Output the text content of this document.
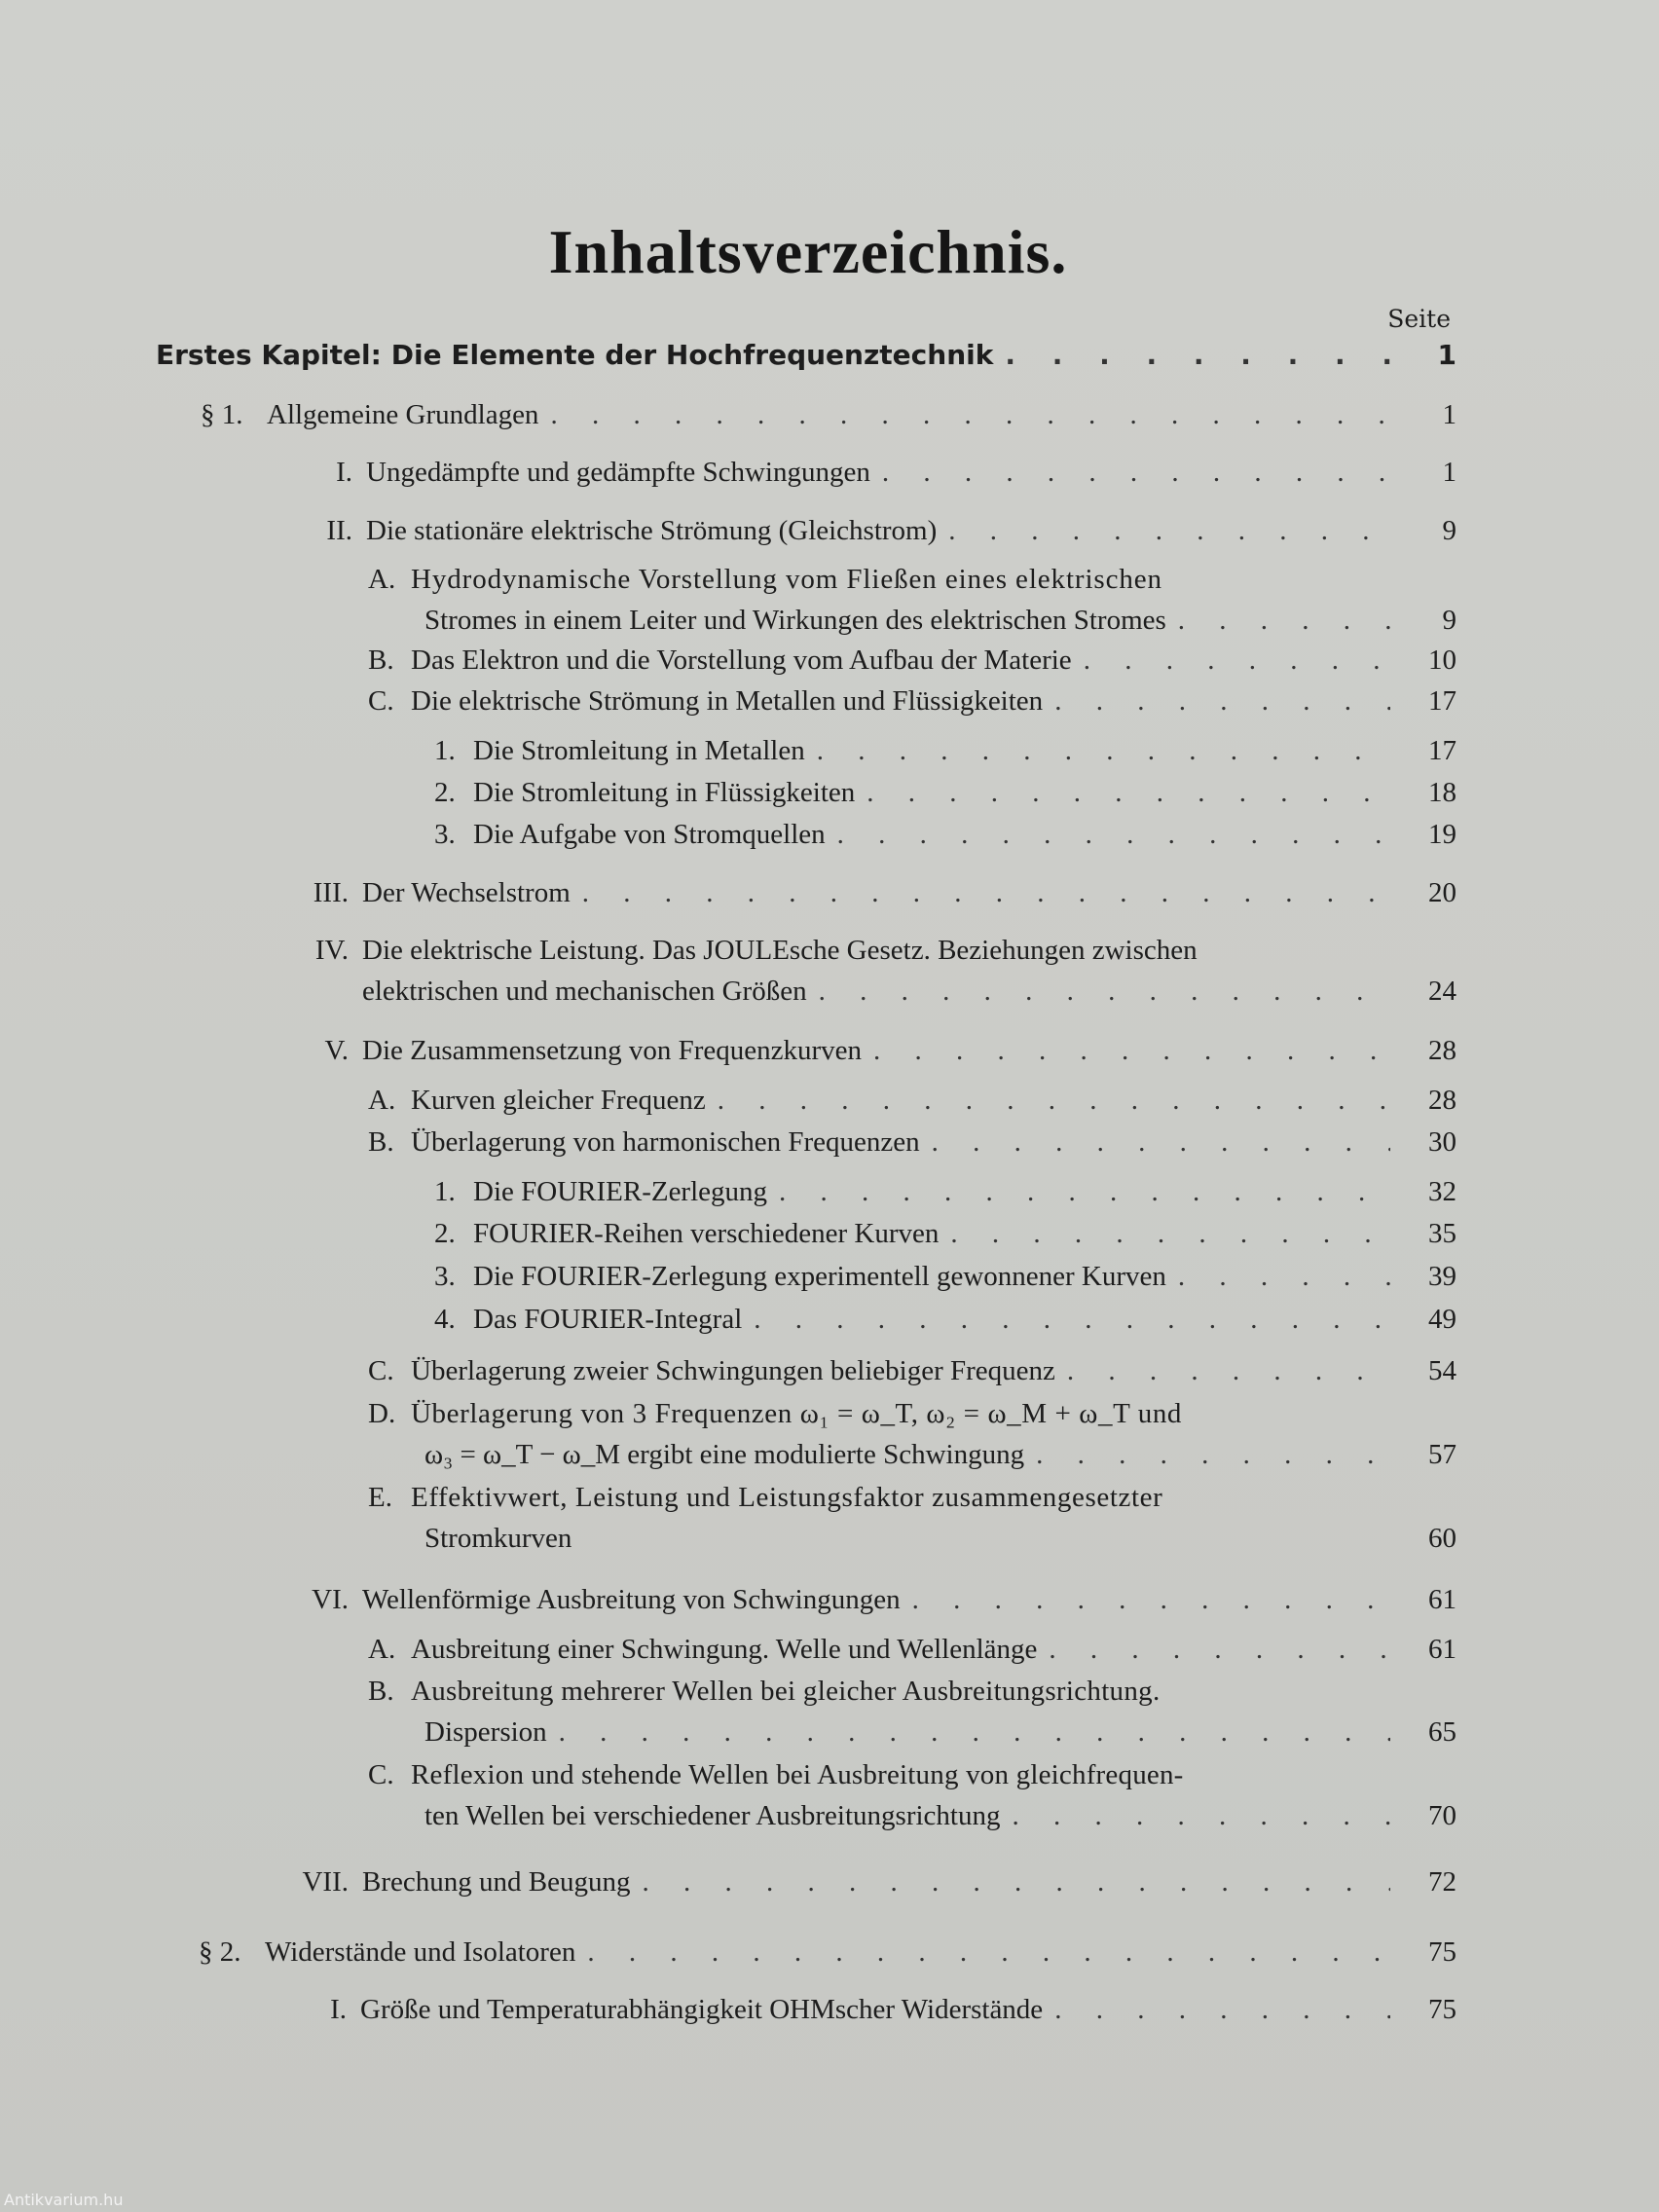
Inhaltsverzeichnis.
Seite
Erstes Kapitel: Die Elemente der Hochfrequenztechnik . . .	1
§ 1. Allgemeine Grundlagen . . .	1
I. Ungedämpfte und gedämpfte Schwingungen . . .	1
II. Die stationäre elektrische Strömung (Gleichstrom) . . .	9
A. Hydrodynamische Vorstellung vom Fließen eines elektrischen
Stromes in einem Leiter und Wirkungen des elektrischen Stromes . . .	9
B. Das Elektron und die Vorstellung vom Aufbau der Materie . . .	10
C. Die elektrische Strömung in Metallen und Flüssigkeiten . . .	17
1. Die Stromleitung in Metallen . . .	17
2. Die Stromleitung in Flüssigkeiten . . .	18
3. Die Aufgabe von Stromquellen . . .	19
III. Der Wechselstrom . . .	20
IV. Die elektrische Leistung. Das JOULEsche Gesetz. Beziehungen zwischen
elektrischen und mechanischen Größen . . .	24
V. Die Zusammensetzung von Frequenzkurven . . .	28
A. Kurven gleicher Frequenz . . .	28
B. Überlagerung von harmonischen Frequenzen . . .	30
1. Die FOURIER-Zerlegung . . .	32
2. FOURIER-Reihen verschiedener Kurven . . .	35
3. Die FOURIER-Zerlegung experimentell gewonnener Kurven . . .	39
4. Das FOURIER-Integral . . .	49
C. Überlagerung zweier Schwingungen beliebiger Frequenz . . .	54
D. Überlagerung von 3 Frequenzen ω₁ = ω_T, ω₂ = ω_M + ω_T und
ω₃ = ω_T − ω_M ergibt eine modulierte Schwingung . . .	57
E. Effektivwert, Leistung und Leistungsfaktor zusammengesetzter
Stromkurven	60
VI. Wellenförmige Ausbreitung von Schwingungen . . .	61
A. Ausbreitung einer Schwingung. Welle und Wellenlänge . . .	61
B. Ausbreitung mehrerer Wellen bei gleicher Ausbreitungsrichtung.
Dispersion . . .	65
C. Reflexion und stehende Wellen bei Ausbreitung von gleichfrequen-
ten Wellen bei verschiedener Ausbreitungsrichtung . . .	70
VII. Brechung und Beugung . . .	72
§ 2. Widerstände und Isolatoren . . .	75
I. Größe und Temperaturabhängigkeit OHMscher Widerstände . . .	75
Antikvarium.hu
